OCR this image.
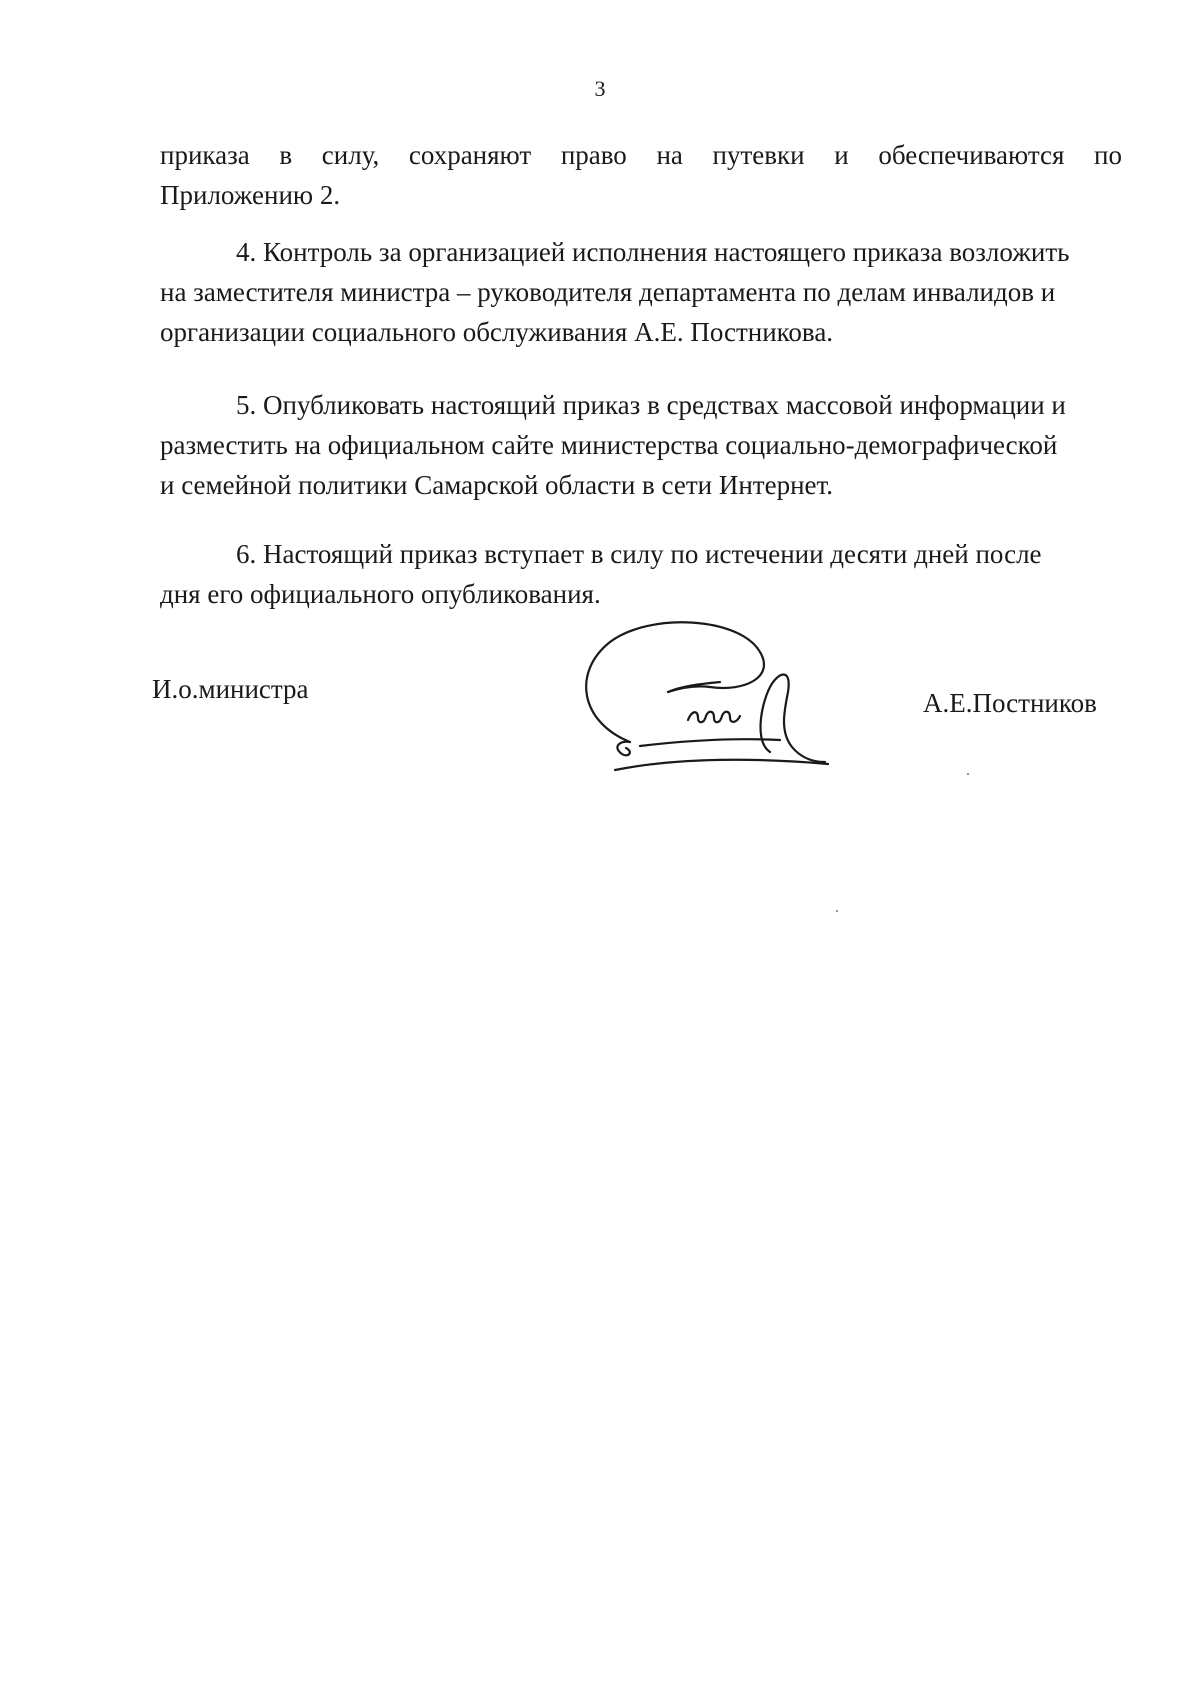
3
приказа в силу, сохраняют право на путевки и обеспечиваются по
Приложению 2.
4. Контроль за организацией исполнения настоящего приказа возложить
на заместителя министра – руководителя департамента по делам инвалидов и
организации социального обслуживания А.Е. Постникова.
5. Опубликовать настоящий приказ в средствах массовой информации и
разместить на официальном сайте министерства социально-демографической
и семейной политики Самарской области в сети Интернет.
6. Настоящий приказ вступает в силу по истечении десяти дней после
дня его официального опубликования.
И.о.министра	А.Е.Постников
